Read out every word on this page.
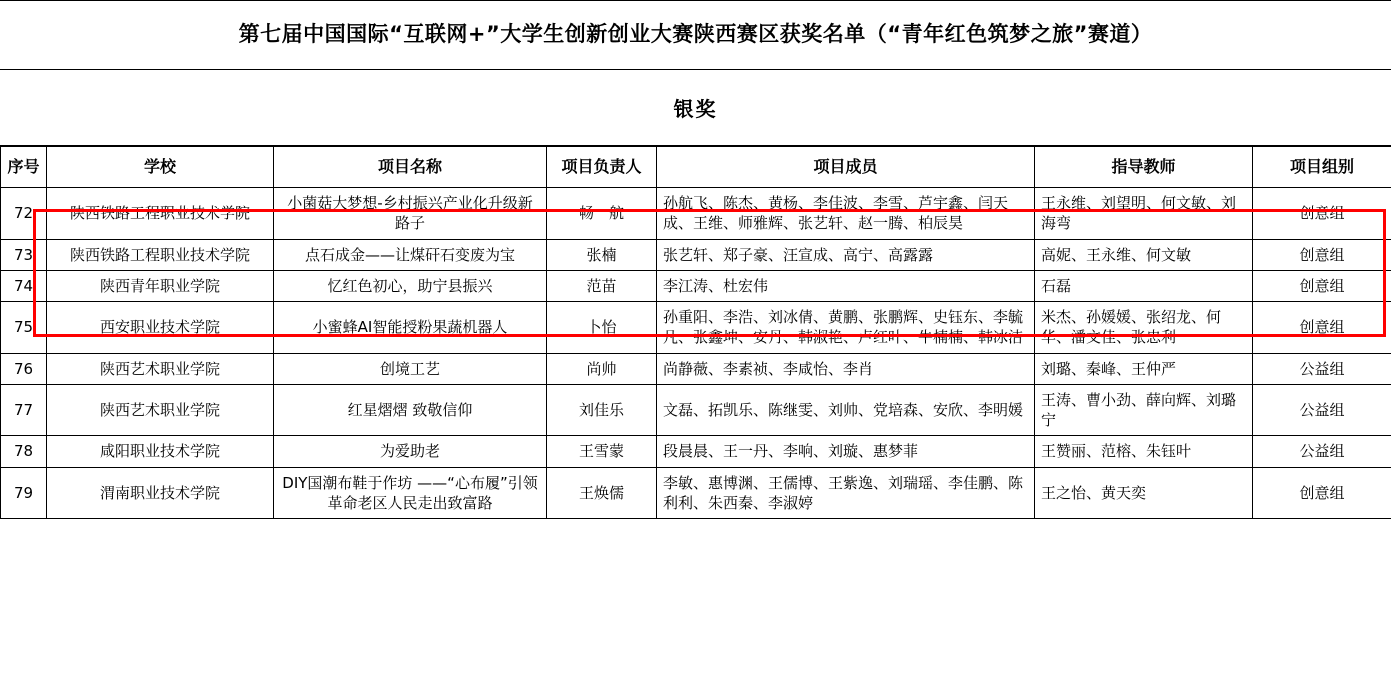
第七届中国国际“互联网+”大学生创新创业大赛陕西赛区获奖名单（“青年红色筑梦之旅”赛道）
银奖
序号	学校	项目名称	项目负责人	项目成员	指导教师	项目组别
72	陕西铁路工程职业技术学院	小菌菇大梦想-乡村振兴产业化升级新路子	畅一航	孙航飞、陈杰、黄杨、李佳波、李雪、芦宇鑫、闫天成、王维、师雅辉、张艺轩、赵一腾、柏辰昊	王永维、刘望明、何文敏、刘海弯	创意组
73	陕西铁路工程职业技术学院	点石成金——让煤矸石变废为宝	张楠	张艺轩、郑子豪、汪宣成、高宁、高露露	高妮、王永维、何文敏	创意组
74	陕西青年职业学院	忆红色初心，助宁县振兴	范苗	李江涛、杜宏伟	石磊	创意组
75	西安职业技术学院	小蜜蜂AI智能授粉果蔬机器人	卜怡	孙重阳、李浩、刘冰倩、黄鹏、张鹏辉、史钰东、李毓凡、张鑫坤、安丹、韩淑艳、卢红叶、牛楠楠、韩冰洁	米杰、孙媛媛、张绍龙、何华、潘文佳、张忠利	创意组
76	陕西艺术职业学院	创境工艺	尚帅	尚静薇、李素祯、李咸怡、李肖	刘璐、秦峰、王仲严	公益组
77	陕西艺术职业学院	红星熠熠 致敬信仰	刘佳乐	文磊、拓凯乐、陈继雯、刘帅、党培森、安欣、李明媛	王涛、曹小劲、薛向辉、刘璐宁	公益组
78	咸阳职业技术学院	为爱助老	王雪蒙	段晨晨、王一丹、李响、刘璇、惠梦菲	王赞丽、范榕、朱钰叶	公益组
79	渭南职业技术学院	DIY国潮布鞋于作坊 ——“心布履”引领革命老区人民走出致富路	王焕儒	李敏、惠博渊、王儒博、王紫逸、刘瑞瑶、李佳鹏、陈利利、朱西秦、李淑婷	王之怡、黄天奕	创意组
